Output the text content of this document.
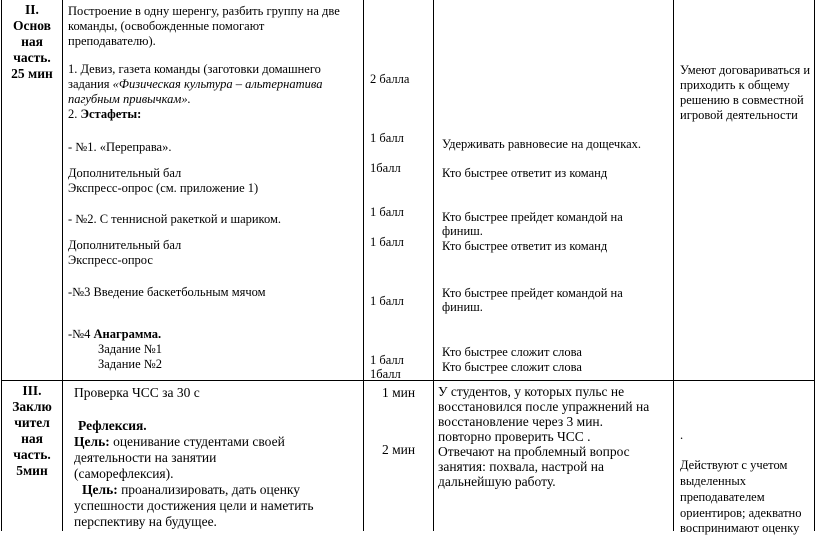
II.
Основ
ная
часть.
25 мин
Построение в одну шеренгу, разбить группу на две
команды, (освобожденные помогают
преподавателю).
1. Девиз, газета команды (заготовки домашнего
задания «Физическая культура – альтернатива
пагубным привычкам».
2. Эстафеты:
- №1. «Переправа».
Дополнительный бал
Экспресс-опрос (см. приложение 1)
- №2. С теннисной ракеткой и шариком.
Дополнительный бал
Экспресс-опрос
-№3 Введение баскетбольным мячом
-№4 Анаграмма.
Задание №1
Задание №2
2 балла
1 балл
1балл
1 балл
1 балл
1 балл
1 балл
1балл
Удерживать равновесие на дощечках.
Кто быстрее ответит из команд
Кто быстрее прейдет командой на
финиш.
Кто быстрее ответит из команд
Кто быстрее прейдет командой на
финиш.
Кто быстрее сложит слова
Кто быстрее сложит слова
Умеют договариваться и
приходить к общему
решению в совместной
игровой деятельности
III.
Заклю
чител
ная
часть.
5мин
Проверка ЧСС за 30 с
Рефлексия.
Цель: оценивание студентами своей
деятельности на занятии
(саморефлексия).
Цель: проанализировать, дать оценку
успешности достижения цели и наметить
перспективу на будущее.
1 мин
2 мин
У студентов, у которых пульс не
восстановился после упражнений на
восстановление через 3 мин.
повторно проверить ЧСС .
Отвечают на проблемный вопрос
занятия: похвала, настрой на
дальнейшую работу.
.
Действуют с учетом
выделенных
преподавателем
ориентиров; адекватно
воспринимают оценку
